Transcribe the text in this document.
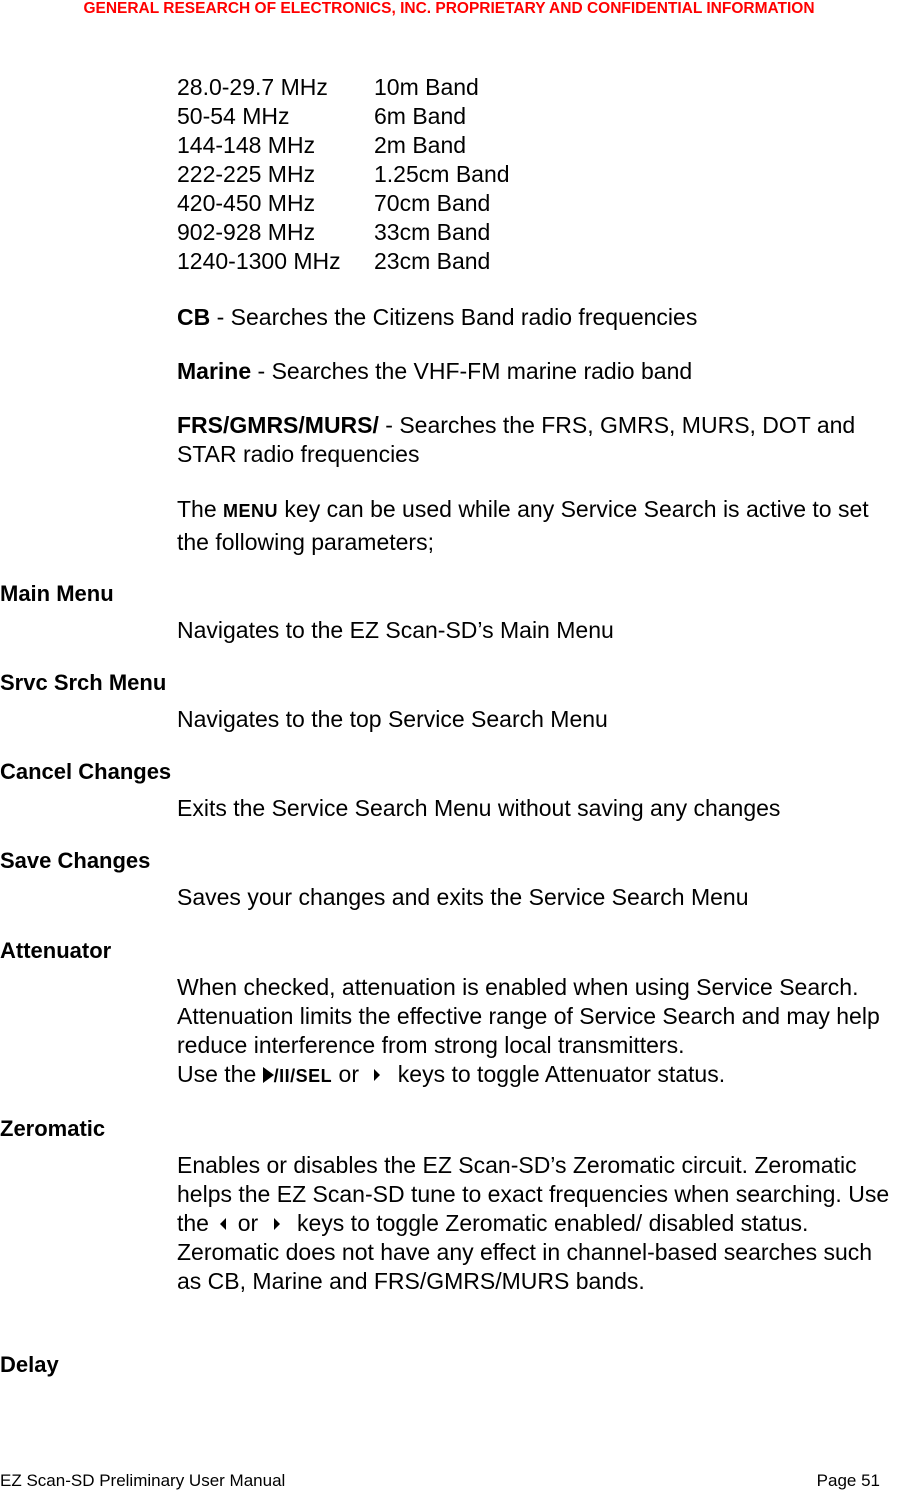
GENERAL RESEARCH OF ELECTRONICS, INC. PROPRIETARY AND CONFIDENTIAL INFORMATION
28.0-29.7 MHz	10m Band
50-54 MHz	6m Band
144-148 MHz	2m Band
222-225 MHz	1.25cm Band
420-450 MHz	70cm Band
902-928 MHz	33cm Band
1240-1300 MHz	23cm Band

CB - Searches the Citizens Band radio frequencies

Marine - Searches the VHF-FM marine radio band

FRS/GMRS/MURS/ - Searches the FRS, GMRS, MURS, DOT and STAR radio frequencies

The MENU key can be used while any Service Search is active to set the following parameters;

Main Menu

Navigates to the EZ Scan-SD’s Main Menu

Srvc Srch Menu

Navigates to the top Service Search Menu

Cancel Changes

Exits the Service Search Menu without saving any changes

Save Changes

Saves your changes and exits the Service Search Menu

Attenuator

When checked, attenuation is enabled when using Service Search. Attenuation limits the effective range of Service Search and may help reduce interference from strong local transmitters.
Use the /II/SEL or  keys to toggle Attenuator status.

Zeromatic

Enables or disables the EZ Scan-SD’s Zeromatic circuit. Zeromatic helps the EZ Scan-SD tune to exact frequencies when searching. Use the  or  keys to toggle Zeromatic enabled/ disabled status. Zeromatic does not have any effect in channel-based searches such as CB, Marine and FRS/GMRS/MURS bands.

Delay
EZ Scan-SD Preliminary User Manual	Page 51
